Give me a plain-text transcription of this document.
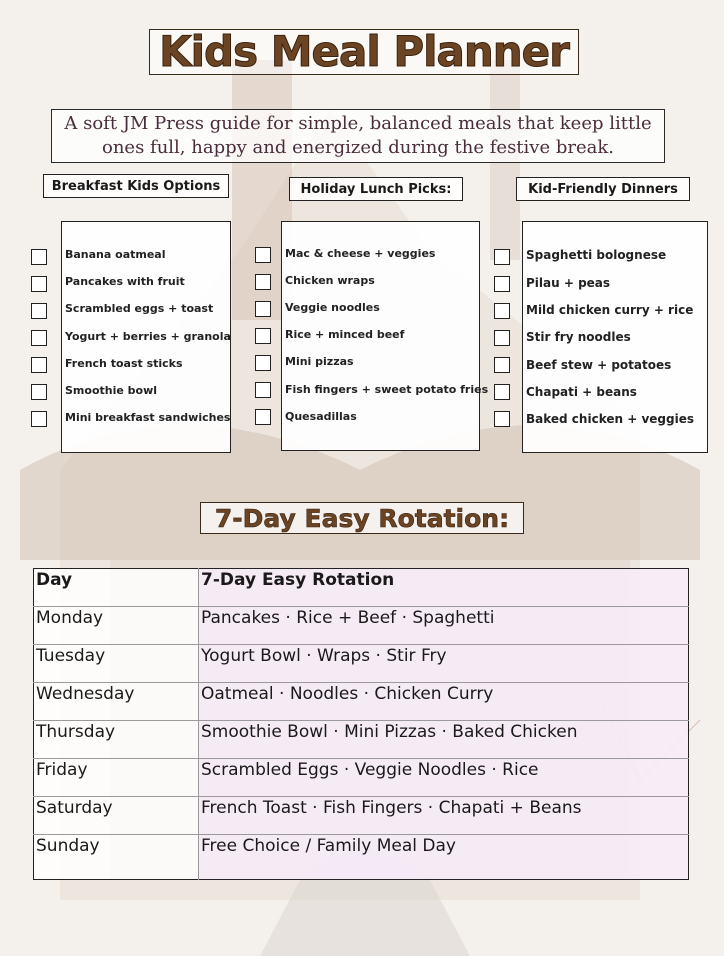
Kids Meal Planner
A soft JM Press guide for simple, balanced meals that keep little ones full, happy and energized during the festive break.
Breakfast Kids Options	Holiday Lunch Picks:	Kid-Friendly Dinners
Banana oatmeal
Pancakes with fruit
Scrambled eggs + toast
Yogurt + berries + granola
French toast sticks
Smoothie bowl
Mini breakfast sandwiches
Mac & cheese + veggies
Chicken wraps
Veggie noodles
Rice + minced beef
Mini pizzas
Fish fingers + sweet potato fries
Quesadillas
Spaghetti bolognese
Pilau + peas
Mild chicken curry + rice
Stir fry noodles
Beef stew + potatoes
Chapati + beans
Baked chicken + veggies
7-Day Easy Rotation:
Day	7-Day Easy Rotation
Monday	Pancakes · Rice + Beef · Spaghetti
Tuesday	Yogurt Bowl · Wraps · Stir Fry
Wednesday	Oatmeal · Noodles · Chicken Curry
Thursday	Smoothie Bowl · Mini Pizzas · Baked Chicken
Friday	Scrambled Eggs · Veggie Noodles · Rice
Saturday	French Toast · Fish Fingers · Chapati + Beans
Sunday	Free Choice / Family Meal Day
